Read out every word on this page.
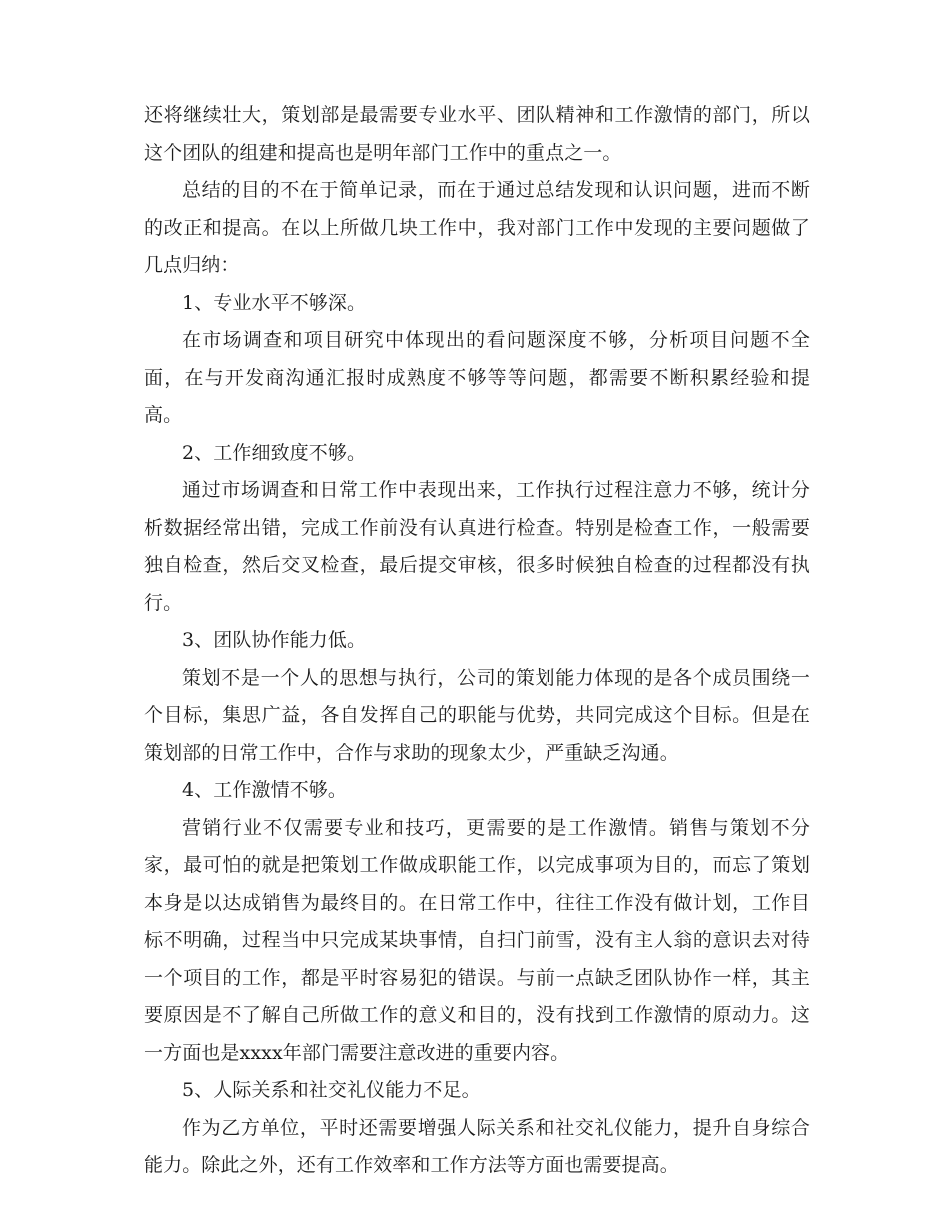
还将继续壮大，策划部是最需要专业水平、团队精神和工作激情的部门，所以这个团队的组建和提高也是明年部门工作中的重点之一。

总结的目的不在于简单记录，而在于通过总结发现和认识问题，进而不断的改正和提高。在以上所做几块工作中，我对部门工作中发现的主要问题做了几点归纳：

1、专业水平不够深。

在市场调查和项目研究中体现出的看问题深度不够，分析项目问题不全面，在与开发商沟通汇报时成熟度不够等等问题，都需要不断积累经验和提高。

2、工作细致度不够。

通过市场调查和日常工作中表现出来，工作执行过程注意力不够，统计分析数据经常出错，完成工作前没有认真进行检查。特别是检查工作，一般需要独自检查，然后交叉检查，最后提交审核，很多时候独自检查的过程都没有执行。

3、团队协作能力低。

策划不是一个人的思想与执行，公司的策划能力体现的是各个成员围绕一个目标，集思广益，各自发挥自己的职能与优势，共同完成这个目标。但是在策划部的日常工作中，合作与求助的现象太少，严重缺乏沟通。

4、工作激情不够。

营销行业不仅需要专业和技巧，更需要的是工作激情。销售与策划不分家，最可怕的就是把策划工作做成职能工作，以完成事项为目的，而忘了策划本身是以达成销售为最终目的。在日常工作中，往往工作没有做计划，工作目标不明确，过程当中只完成某块事情，自扫门前雪，没有主人翁的意识去对待一个项目的工作，都是平时容易犯的错误。与前一点缺乏团队协作一样，其主要原因是不了解自己所做工作的意义和目的，没有找到工作激情的原动力。这一方面也是xxxx年部门需要注意改进的重要内容。

5、人际关系和社交礼仪能力不足。

作为乙方单位，平时还需要增强人际关系和社交礼仪能力，提升自身综合能力。除此之外，还有工作效率和工作方法等方面也需要提高。
